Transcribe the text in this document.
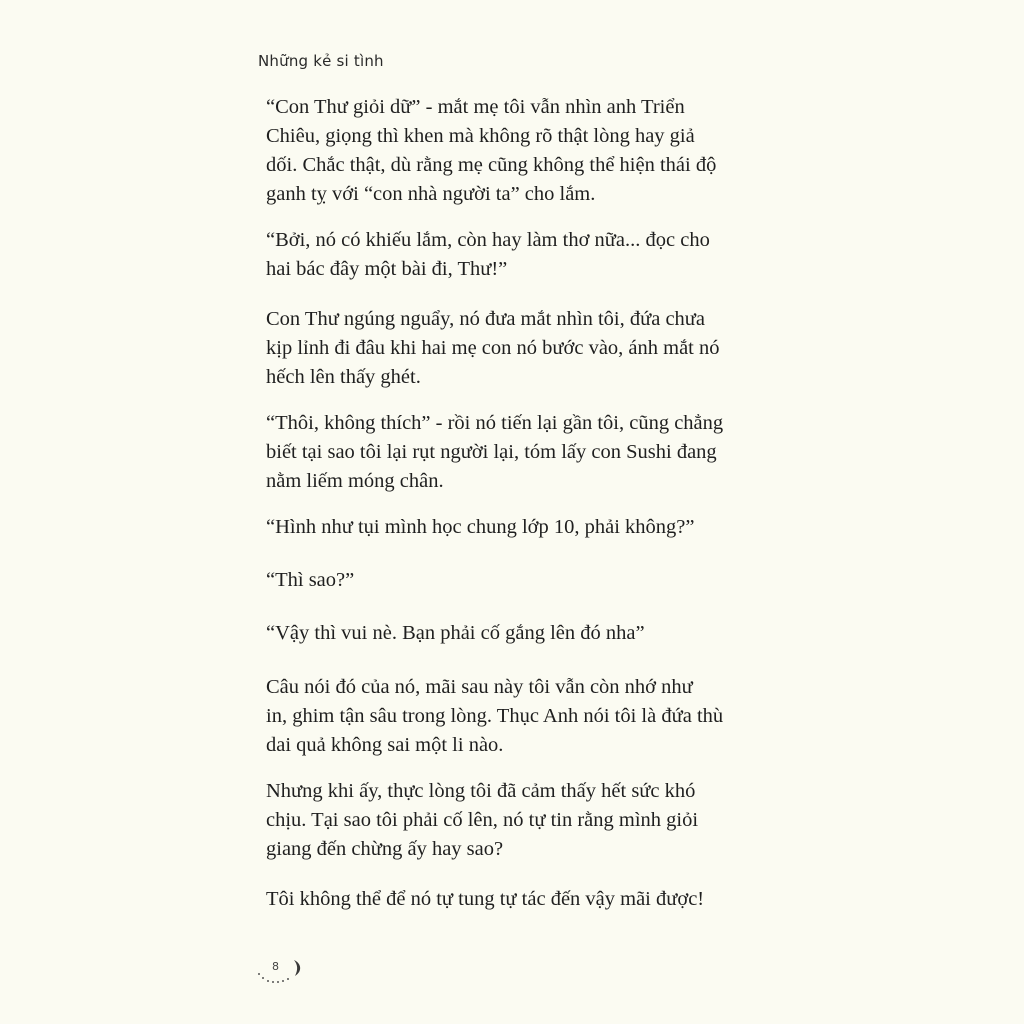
Những kẻ si tình

“Con Thư giỏi dữ” - mắt mẹ tôi vẫn nhìn anh Triển
Chiêu, giọng thì khen mà không rõ thật lòng hay giả
dối. Chắc thật, dù rằng mẹ cũng không thể hiện thái độ
ganh tỵ với “con nhà người ta” cho lắm.

“Bởi, nó có khiếu lắm, còn hay làm thơ nữa... đọc cho
hai bác đây một bài đi, Thư!”

Con Thư ngúng nguẩy, nó đưa mắt nhìn tôi, đứa chưa
kịp lỉnh đi đâu khi hai mẹ con nó bước vào, ánh mắt nó
hếch lên thấy ghét.

“Thôi, không thích” - rồi nó tiến lại gần tôi, cũng chẳng
biết tại sao tôi lại rụt người lại, tóm lấy con Sushi đang
nằm liếm móng chân.

“Hình như tụi mình học chung lớp 10, phải không?”

“Thì sao?”

“Vậy thì vui nè. Bạn phải cố gắng lên đó nha”

Câu nói đó của nó, mãi sau này tôi vẫn còn nhớ như
in, ghim tận sâu trong lòng. Thục Anh nói tôi là đứa thù
dai quả không sai một li nào.

Nhưng khi ấy, thực lòng tôi đã cảm thấy hết sức khó
chịu. Tại sao tôi phải cố lên, nó tự tin rằng mình giỏi
giang đến chừng ấy hay sao?

Tôi không thể để nó tự tung tự tác đến vậy mãi được!

8
